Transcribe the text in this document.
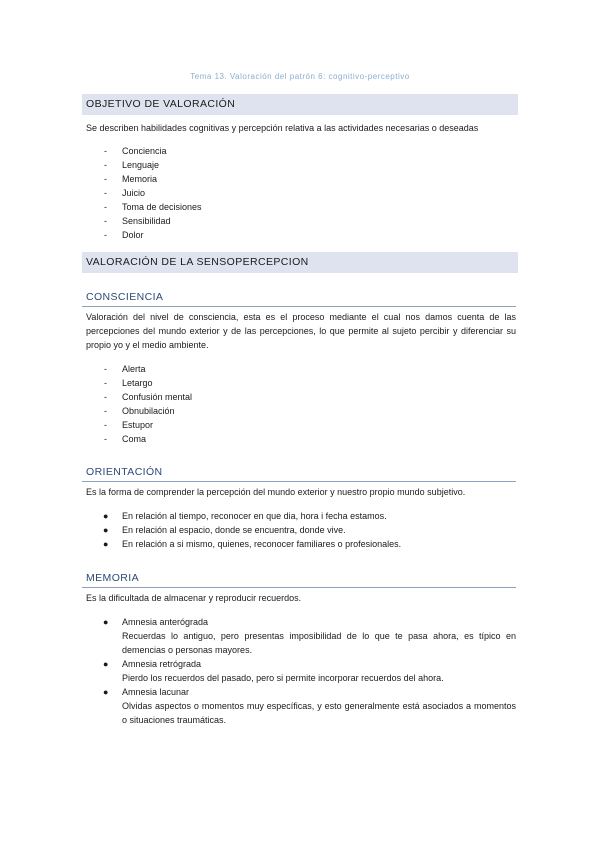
Tema 13. Valoración del patrón 6: cognitivo-perceptivo
OBJETIVO DE VALORACIÓN
Se describen habilidades cognitivas y percepción relativa a las actividades necesarias o deseadas
- Conciencia
- Lenguaje
- Memoria
- Juicio
- Toma de decisiones
- Sensibilidad
- Dolor
VALORACIÓN DE LA SENSOPERCEPCION
CONSCIENCIA
Valoración del nivel de consciencia, esta es el proceso mediante el cual nos damos cuenta de las percepciones del mundo exterior y de las percepciones, lo que permite al sujeto percibir y diferenciar su propio yo y el medio ambiente.
- Alerta
- Letargo
- Confusión mental
- Obnubilación
- Estupor
- Coma
ORIENTACIÓN
Es la forma de comprender la percepción del mundo exterior y nuestro propio mundo subjetivo.
● En relación al tiempo, reconocer en que dia, hora i fecha estamos.
● En relación al espacio, donde se encuentra, donde vive.
● En relación a si mismo, quienes, reconocer familiares o profesionales.
MEMORIA
Es la dificultada de almacenar y reproducir recuerdos.
● Amnesia anterógrada
Recuerdas lo antiguo, pero presentas imposibilidad de lo que te pasa ahora, es típico en demencias o personas mayores.
● Amnesia retrógrada
Pierdo los recuerdos del pasado, pero si permite incorporar recuerdos del ahora.
● Amnesia lacunar
Olvidas aspectos o momentos muy específicas, y esto generalmente está asociados a momentos o situaciones traumáticas.
